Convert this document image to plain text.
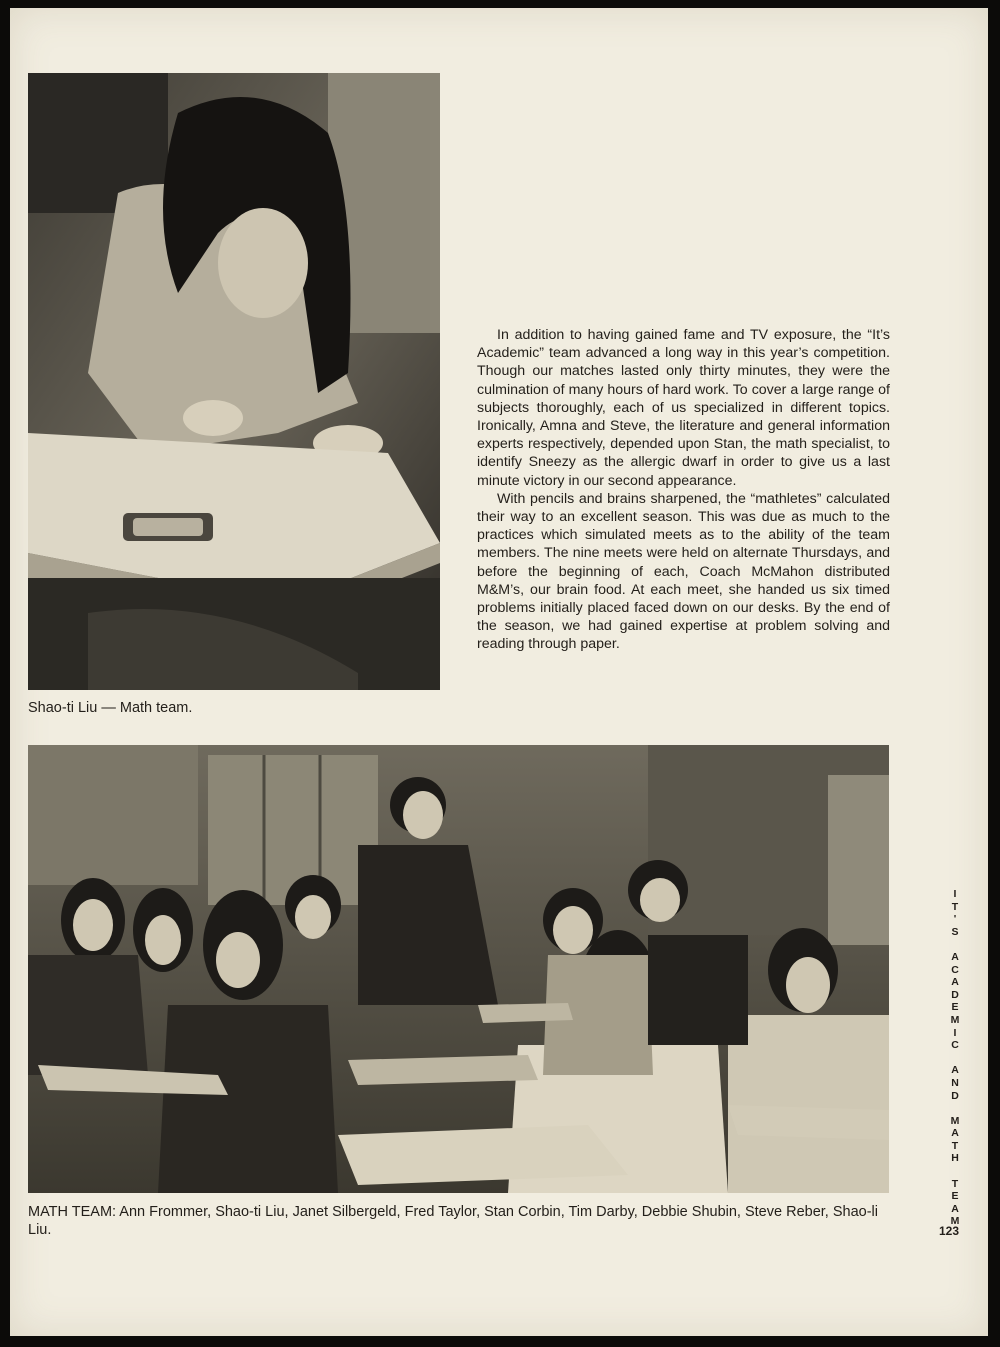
Shao-ti Liu — Math team.

In addition to having gained fame and TV exposure, the “It’s Academic” team advanced a long way in this year’s competition. Though our matches lasted only thirty minutes, they were the culmination of many hours of hard work. To cover a large range of subjects thoroughly, each of us specialized in different topics. Ironically, Amna and Steve, the literature and general information experts respectively, depended upon Stan, the math specialist, to identify Sneezy as the allergic dwarf in order to give us a last minute victory in our second appearance.

With pencils and brains sharpened, the “mathletes” calculated their way to an excellent season. This was due as much to the practices which simulated meets as to the ability of the team members. The nine meets were held on alternate Thursdays, and before the beginning of each, Coach McMahon distributed M&M’s, our brain food. At each meet, she handed us six timed problems initially placed faced down on our desks. By the end of the season, we had gained expertise at problem solving and reading through paper.

MATH TEAM: Ann Frommer, Shao-ti Liu, Janet Silbergeld, Fred Taylor, Stan Corbin, Tim Darby, Debbie Shubin, Steve Reber, Shao-li Liu.
I
T
'
S

A
C
A
D
E
M
I
C

A
N
D

M
A
T
H

T
E
A
M
123
